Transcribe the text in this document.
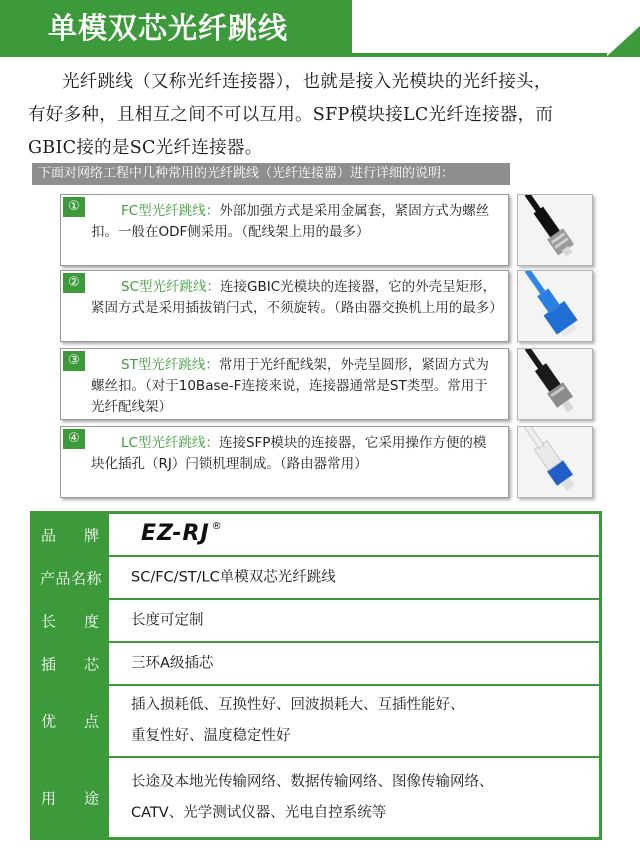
单模双芯光纤跳线
光纤跳线（又称光纤连接器），也就是接入光模块的光纤接头，
有好多种，且相互之间不可以互用。SFP模块接LC光纤连接器，而
GBIC接的是SC光纤连接器。
下面对网络工程中几种常用的光纤跳线（光纤连接器）进行详细的说明：
①	FC型光纤跳线：外部加强方式是采用金属套，紧固方式为螺丝扣。一般在ODF侧采用。（配线架上用的最多）
②	SC型光纤跳线：连接GBIC光模块的连接器，它的外壳呈矩形，紧固方式是采用插拔销闩式，不须旋转。（路由器交换机上用的最多）
③	ST型光纤跳线：常用于光纤配线架，外壳呈圆形，紧固方式为螺丝扣。（对于10Base-F连接来说，连接器通常是ST类型。常用于光纤配线架）
④	LC型光纤跳线：连接SFP模块的连接器，它采用操作方便的模块化插孔（RJ）闩锁机理制成。（路由器常用）
品 牌 EZ-RJ ®
产品名称	SC/FC/ST/LC单模双芯光纤跳线
长 度 长度可定制
插 芯 三环A级插芯
优 点
插入损耗低、互换性好、回波损耗大、互插性能好、
重复性好、温度稳定性好
用 途
长途及本地光传输网络、数据传输网络、图像传输网络、
CATV、光学测试仪器、光电自控系统等
